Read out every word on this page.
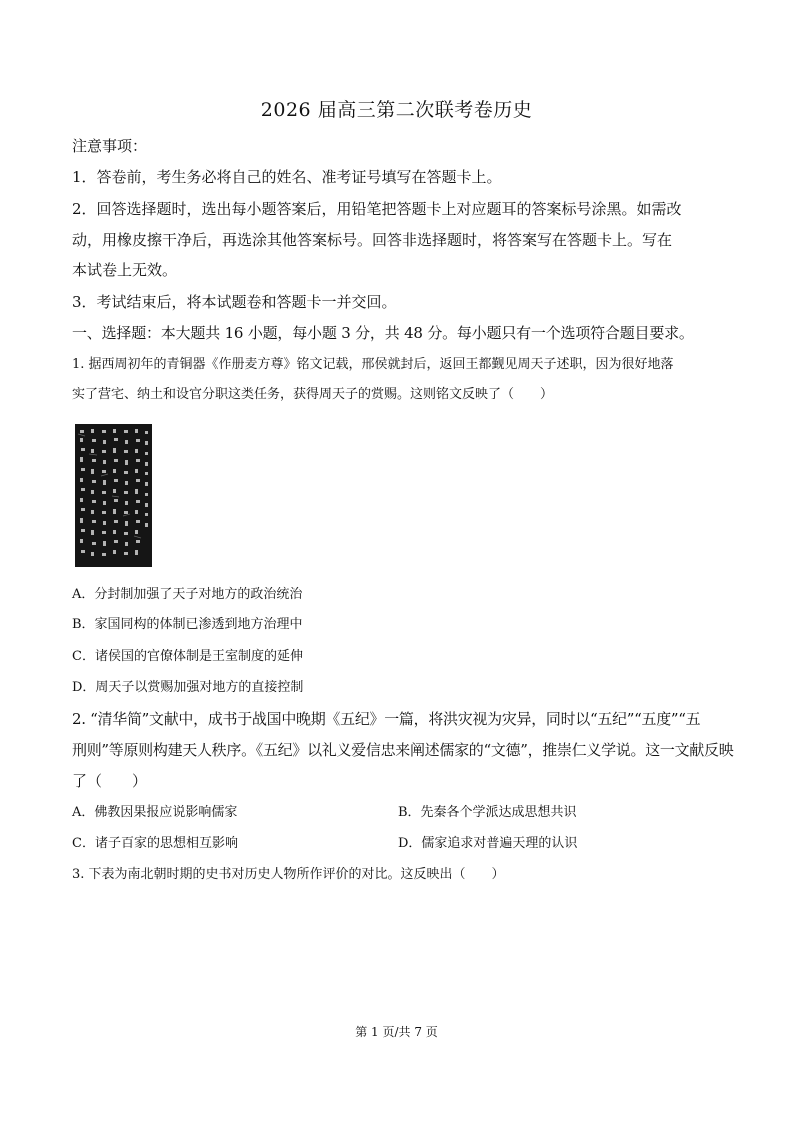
2026 届高三第二次联考卷历史
注意事项：
1．答卷前，考生务必将自己的姓名、准考证号填写在答题卡上。
2．回答选择题时，选出每小题答案后，用铅笔把答题卡上对应题耳的答案标号涂黑。如需改
动，用橡皮擦干净后，再选涂其他答案标号。回答非选择题时，将答案写在答题卡上。写在
本试卷上无效。
3．考试结束后，将本试题卷和答题卡一并交回。
一、选择题：本大题共 16 小题，每小题 3 分，共 48 分。每小题只有一个选项符合题目要求。
1. 据西周初年的青铜器《作册麦方尊》铭文记载，邢侯就封后，返回王都觐见周天子述职，因为很好地落
实了营宅、纳土和设官分职这类任务，获得周天子的赏赐。这则铭文反映了（　　）
A．分封制加强了天子对地方的政治统治
B．家国同构的体制已渗透到地方治理中
C．诸侯国的官僚体制是王室制度的延伸
D．周天子以赏赐加强对地方的直接控制
2. “清华简”文献中，成书于战国中晚期《五纪》一篇，将洪灾视为灾异，同时以“五纪”“五度”“五
刑则”等原则构建天人秩序。《五纪》以礼义爱信忠来阐述儒家的“文德”，推崇仁义学说。这一文献反映
了（　　）
A．佛教因果报应说影响儒家	B．先秦各个学派达成思想共识
C．诸子百家的思想相互影响	D．儒家追求对普遍天理的认识
3. 下表为南北朝时期的史书对历史人物所作评价的对比。这反映出（　　）
第 1 页/共 7 页
